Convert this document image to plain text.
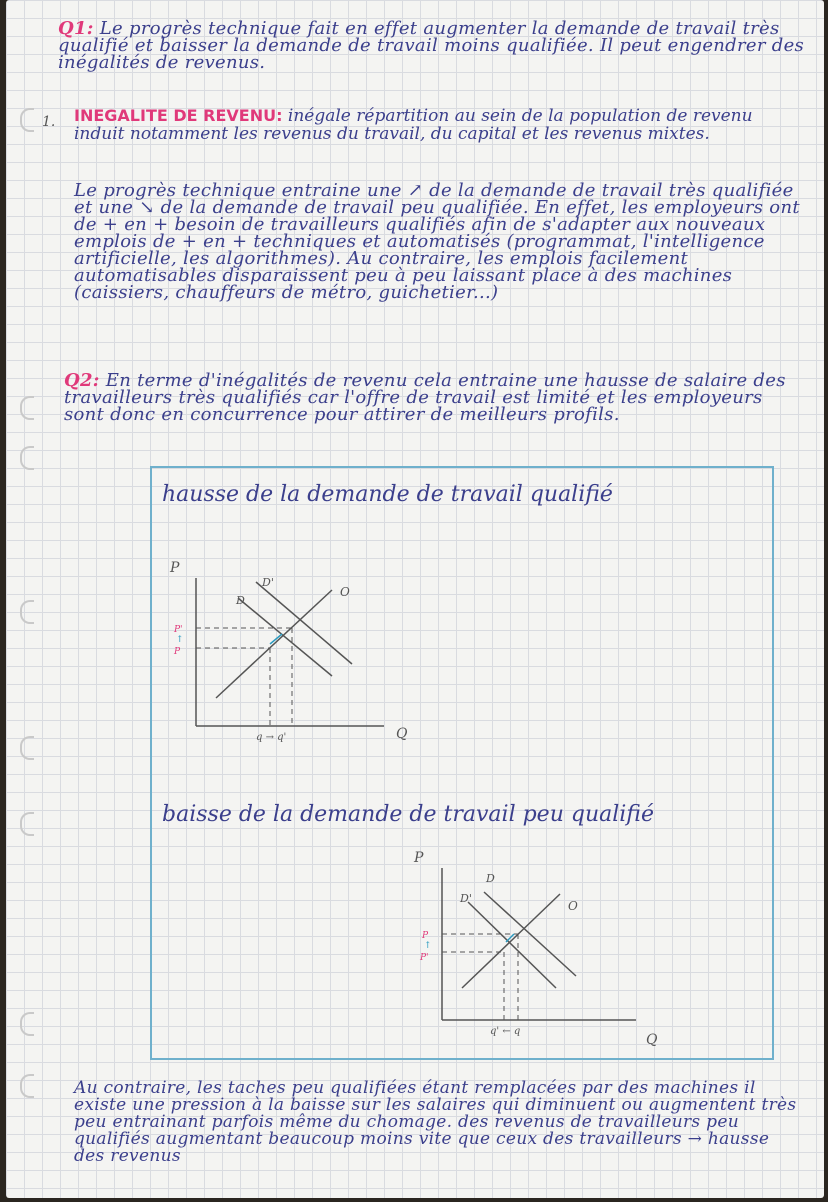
Q1: Le progrès technique fait en effet augmenter la demande de travail très qualifié et baisser la demande de travail moins qualifiée. Il peut engendrer des inégalités de revenus.

1. INEGALITE DE REVENU: inégale répartition au sein de la population de revenu induit notamment les revenus du travail, du capital et les revenus mixtes.

Le progrès technique entraine une ↗ de la demande de travail très qualifiée et une ↘ de la demande de travail peu qualifiée. En effet, les employeurs ont de + en + besoin de travailleurs qualifiés afin de s'adapter aux nouveaux emplois de + en + techniques et automatisés (programmat, l'intelligence artificielle, les algorithmes). Au contraire, les emplois facilement automatisables disparaissent peu à peu laissant place à des machines (caissiers, chauffeurs de métro, guichetier...)

Q2: En terme d'inégalités de revenu cela entraine une hausse de salaire des travailleurs très qualifiés car l'offre de travail est limité et les employeurs sont donc en concurrence pour attirer de meilleurs profils.

hausse de la demande de travail qualifié
P
Q
D
D'
O
P'
↑
P
q → q'
P
Q
D
D'
O
P
↑
P'
q' ← q
baisse de la demande de travail peu qualifié

Au contraire, les taches peu qualifiées étant remplacées par des machines il existe une pression à la baisse sur les salaires qui diminuent ou augmentent très peu entrainant parfois même du chomage. des revenus de travailleurs peu qualifiés augmentant beaucoup moins vite que ceux des travailleurs → hausse des revenus
